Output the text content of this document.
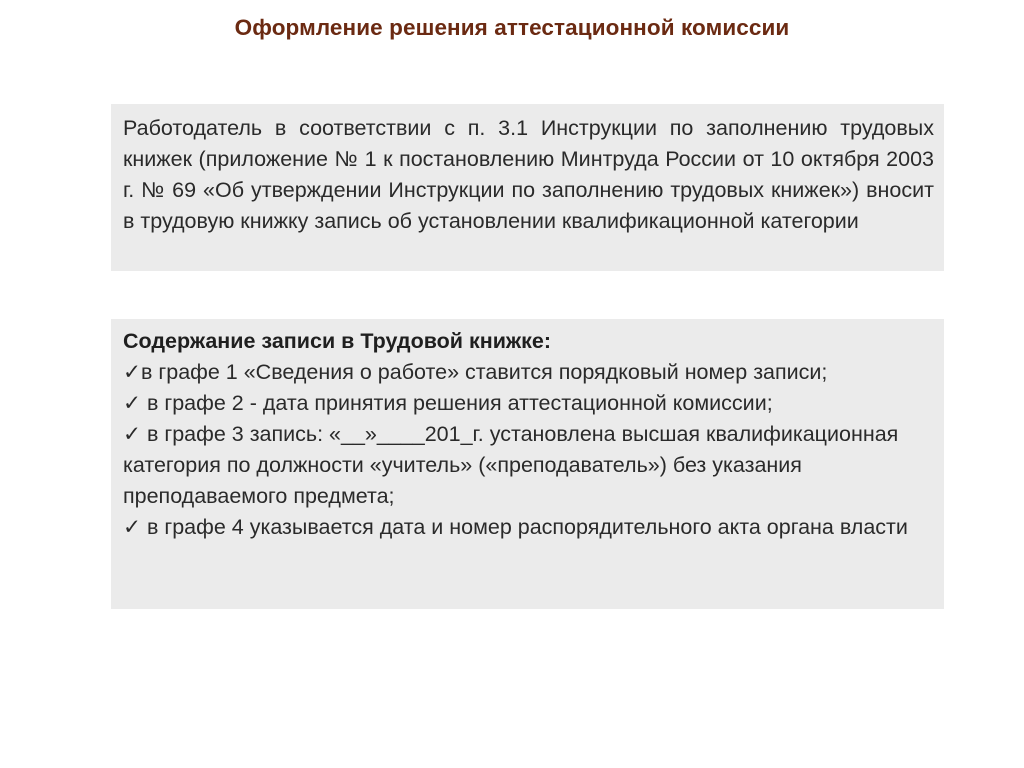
Оформление решения аттестационной комиссии
Работодатель в соответствии с п. 3.1 Инструкции по заполнению трудовых книжек (приложение № 1 к постановлению Минтруда России от 10 октября 2003 г. № 69 «Об утверждении Инструкции по заполнению трудовых книжек») вносит в трудовую книжку запись об установлении квалификационной категории
Содержание записи в Трудовой книжке:
✓в графе 1 «Сведения о работе» ставится порядковый номер записи;
✓ в графе 2 - дата принятия решения аттестационной комиссии;
✓ в графе 3 запись: «__»____201_г. установлена высшая квалификационная категория по должности «учитель» («преподаватель») без указания преподаваемого предмета;
✓ в графе 4 указывается дата и номер распорядительного акта органа власти
